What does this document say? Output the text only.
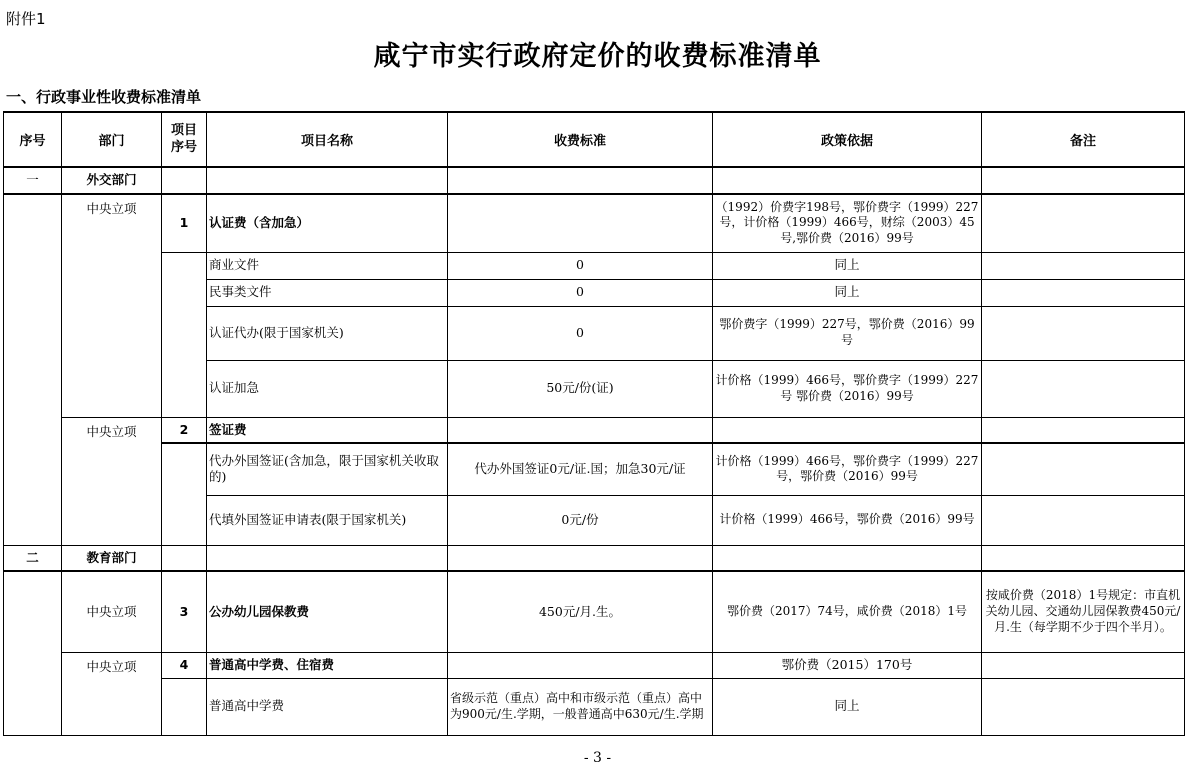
附件1
咸宁市实行政府定价的收费标准清单
一、行政事业性收费标准清单
序号	部门	项目序号	项目名称	收费标准	政策依据	备注
一	外交部门					
	中央立项	1	认证费（含加急）		（1992）价费字198号，鄂价费字（1999）227号，计价格（1999）466号，财综（2003）45号,鄂价费（2016）99号	
			商业文件	0	同上	
			民事类文件	0	同上	
			认证代办(限于国家机关)	0	鄂价费字（1999）227号，鄂价费（2016）99号	
			认证加急	50元/份(证)	计价格（1999）466号，鄂价费字（1999）227号 鄂价费（2016）99号	
	中央立项	2	签证费			
			代办外国签证(含加急，限于国家机关收取的)	代办外国签证0元/证.国；加急30元/证	计价格（1999）466号，鄂价费字（1999）227号，鄂价费（2016）99号	
			代填外国签证申请表(限于国家机关)	0元/份	计价格（1999）466号，鄂价费（2016）99号	
二	教育部门					
	中央立项	3	公办幼儿园保教费	450元/月.生。	鄂价费（2017）74号，咸价费（2018）1号	按咸价费（2018）1号规定：市直机关幼儿园、交通幼儿园保教费450元/月.生（每学期不少于四个半月）。
	中央立项	4	普通高中学费、住宿费		鄂价费（2015）170号	
			普通高中学费	省级示范（重点）高中和市级示范（重点）高中为900元/生.学期，一般普通高中630元/生.学期	同上	
- 3 -
